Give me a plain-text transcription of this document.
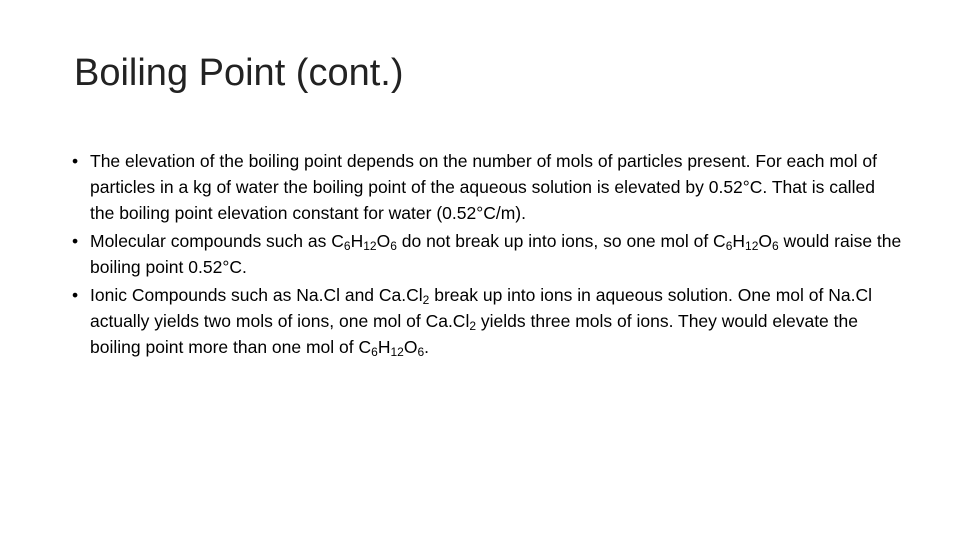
Boiling Point (cont.)
• The elevation of the boiling point depends on the number of mols of particles present. For each mol of particles in a kg of water the boiling point of the aqueous solution is elevated by 0.52°C. That is called the boiling point elevation constant for water (0.52°C/m).
• Molecular compounds such as $C_6H_{12}O_6$ do not break up into ions, so one mol of $C_6H_{12}O_6$ would raise the boiling point 0.52°C.
• Ionic Compounds such as Na.Cl and $Ca.Cl_2$ break up into ions in aqueous solution. One mol of Na.Cl actually yields two mols of ions, one mol of $Ca.Cl_2$ yields three mols of ions. They would elevate the boiling point more than one mol of $C_6H_{12}O_6$.
